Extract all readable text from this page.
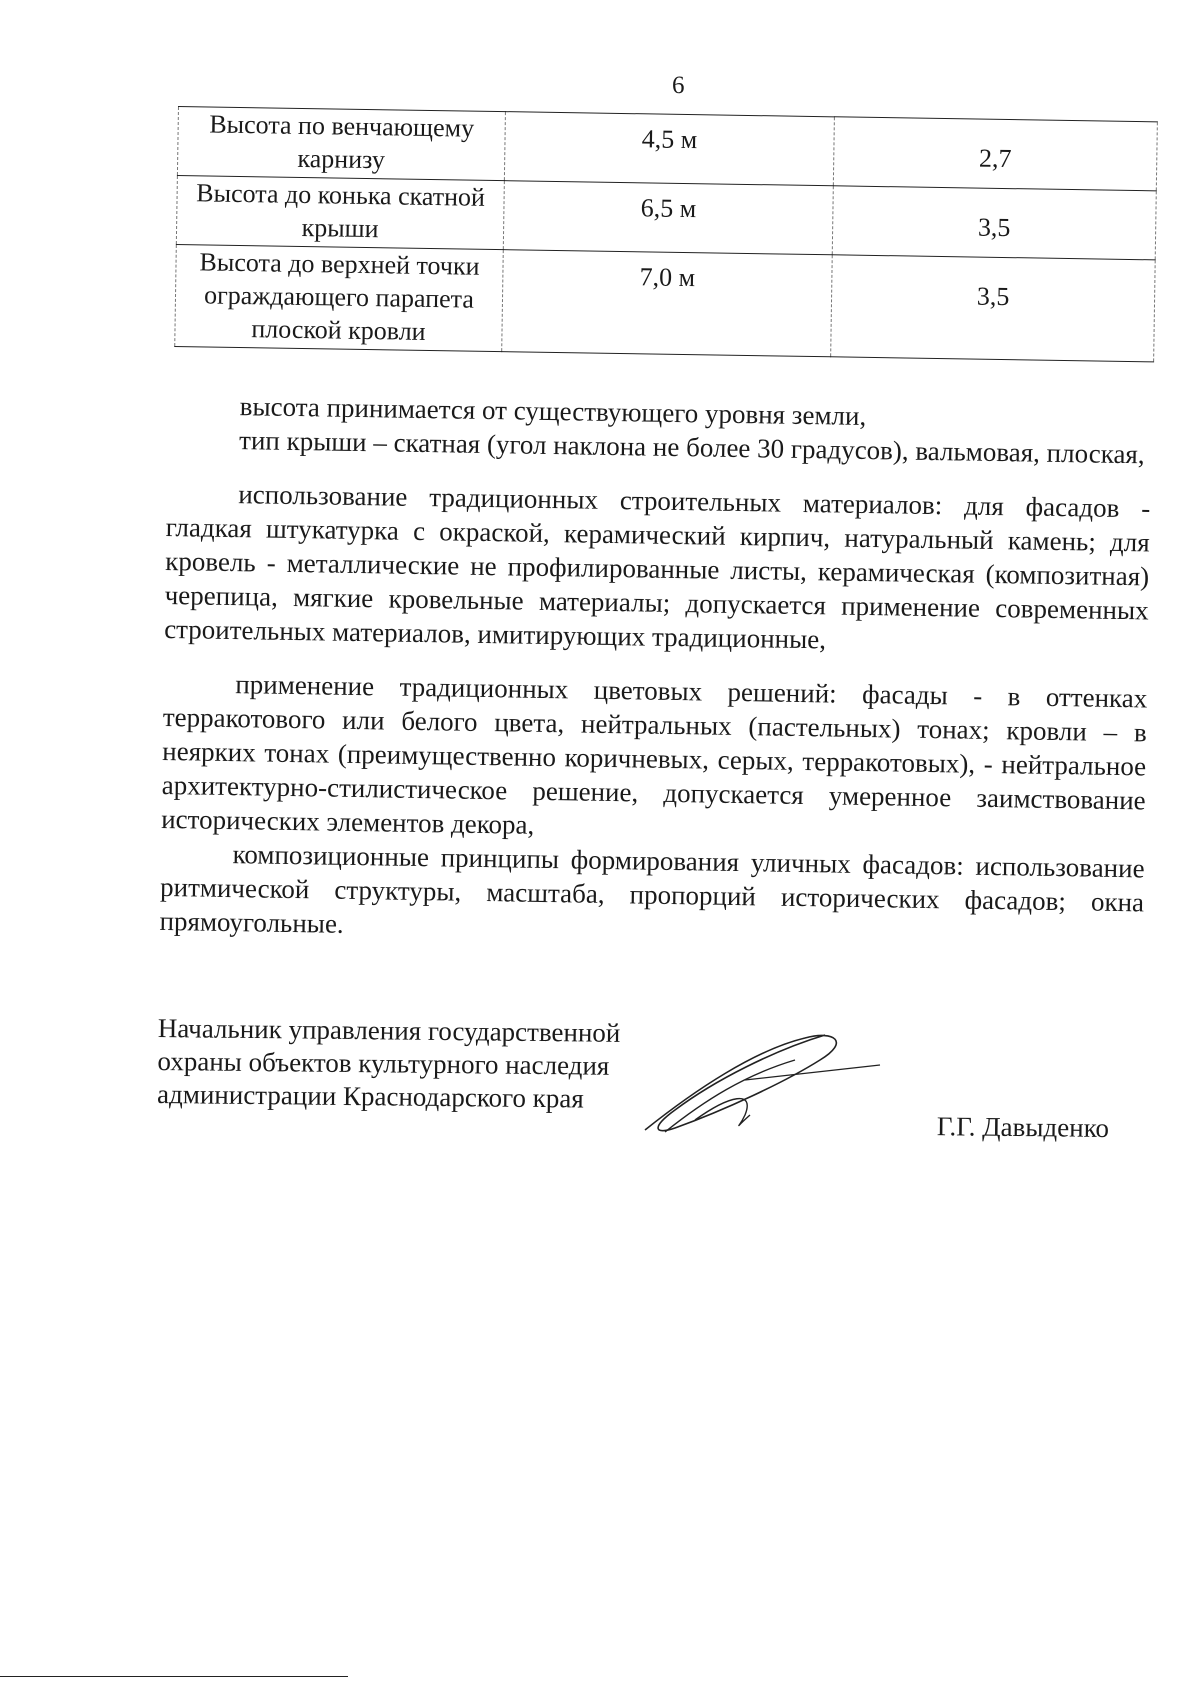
6
Высота по венчающему карнизу	4,5 м	2,7
Высота до конька скатной крыши	6,5 м	3,5
Высота до верхней точки ограждающего парапета плоской кровли	7,0 м	3,5

высота принимается от существующего уровня земли,

тип крыши – скатная (угол наклона не более 30 градусов), вальмовая, плоская,

использование традиционных строительных материалов: для фасадов - гладкая штукатурка с окраской, керамический кирпич, натуральный камень; для кровель - металлические не профилированные листы, керамическая (композитная) черепица, мягкие кровельные материалы; допускается применение современных строительных материалов, имитирующих традиционные,

применение традиционных цветовых решений: фасады - в оттенках терракотового или белого цвета, нейтральных (пастельных) тонах; кровли – в неярких тонах (преимущественно коричневых, серых, терракотовых), - нейтральное архитектурно-стилистическое решение, допускается умеренное заимствование исторических элементов декора,

композиционные принципы формирования уличных фасадов: использование ритмической структуры, масштаба, пропорций исторических фасадов; окна прямоугольные.

Начальник управления государственной
охраны объектов культурного наследия
администрации Краснодарского края
Г.Г. Давыденко
